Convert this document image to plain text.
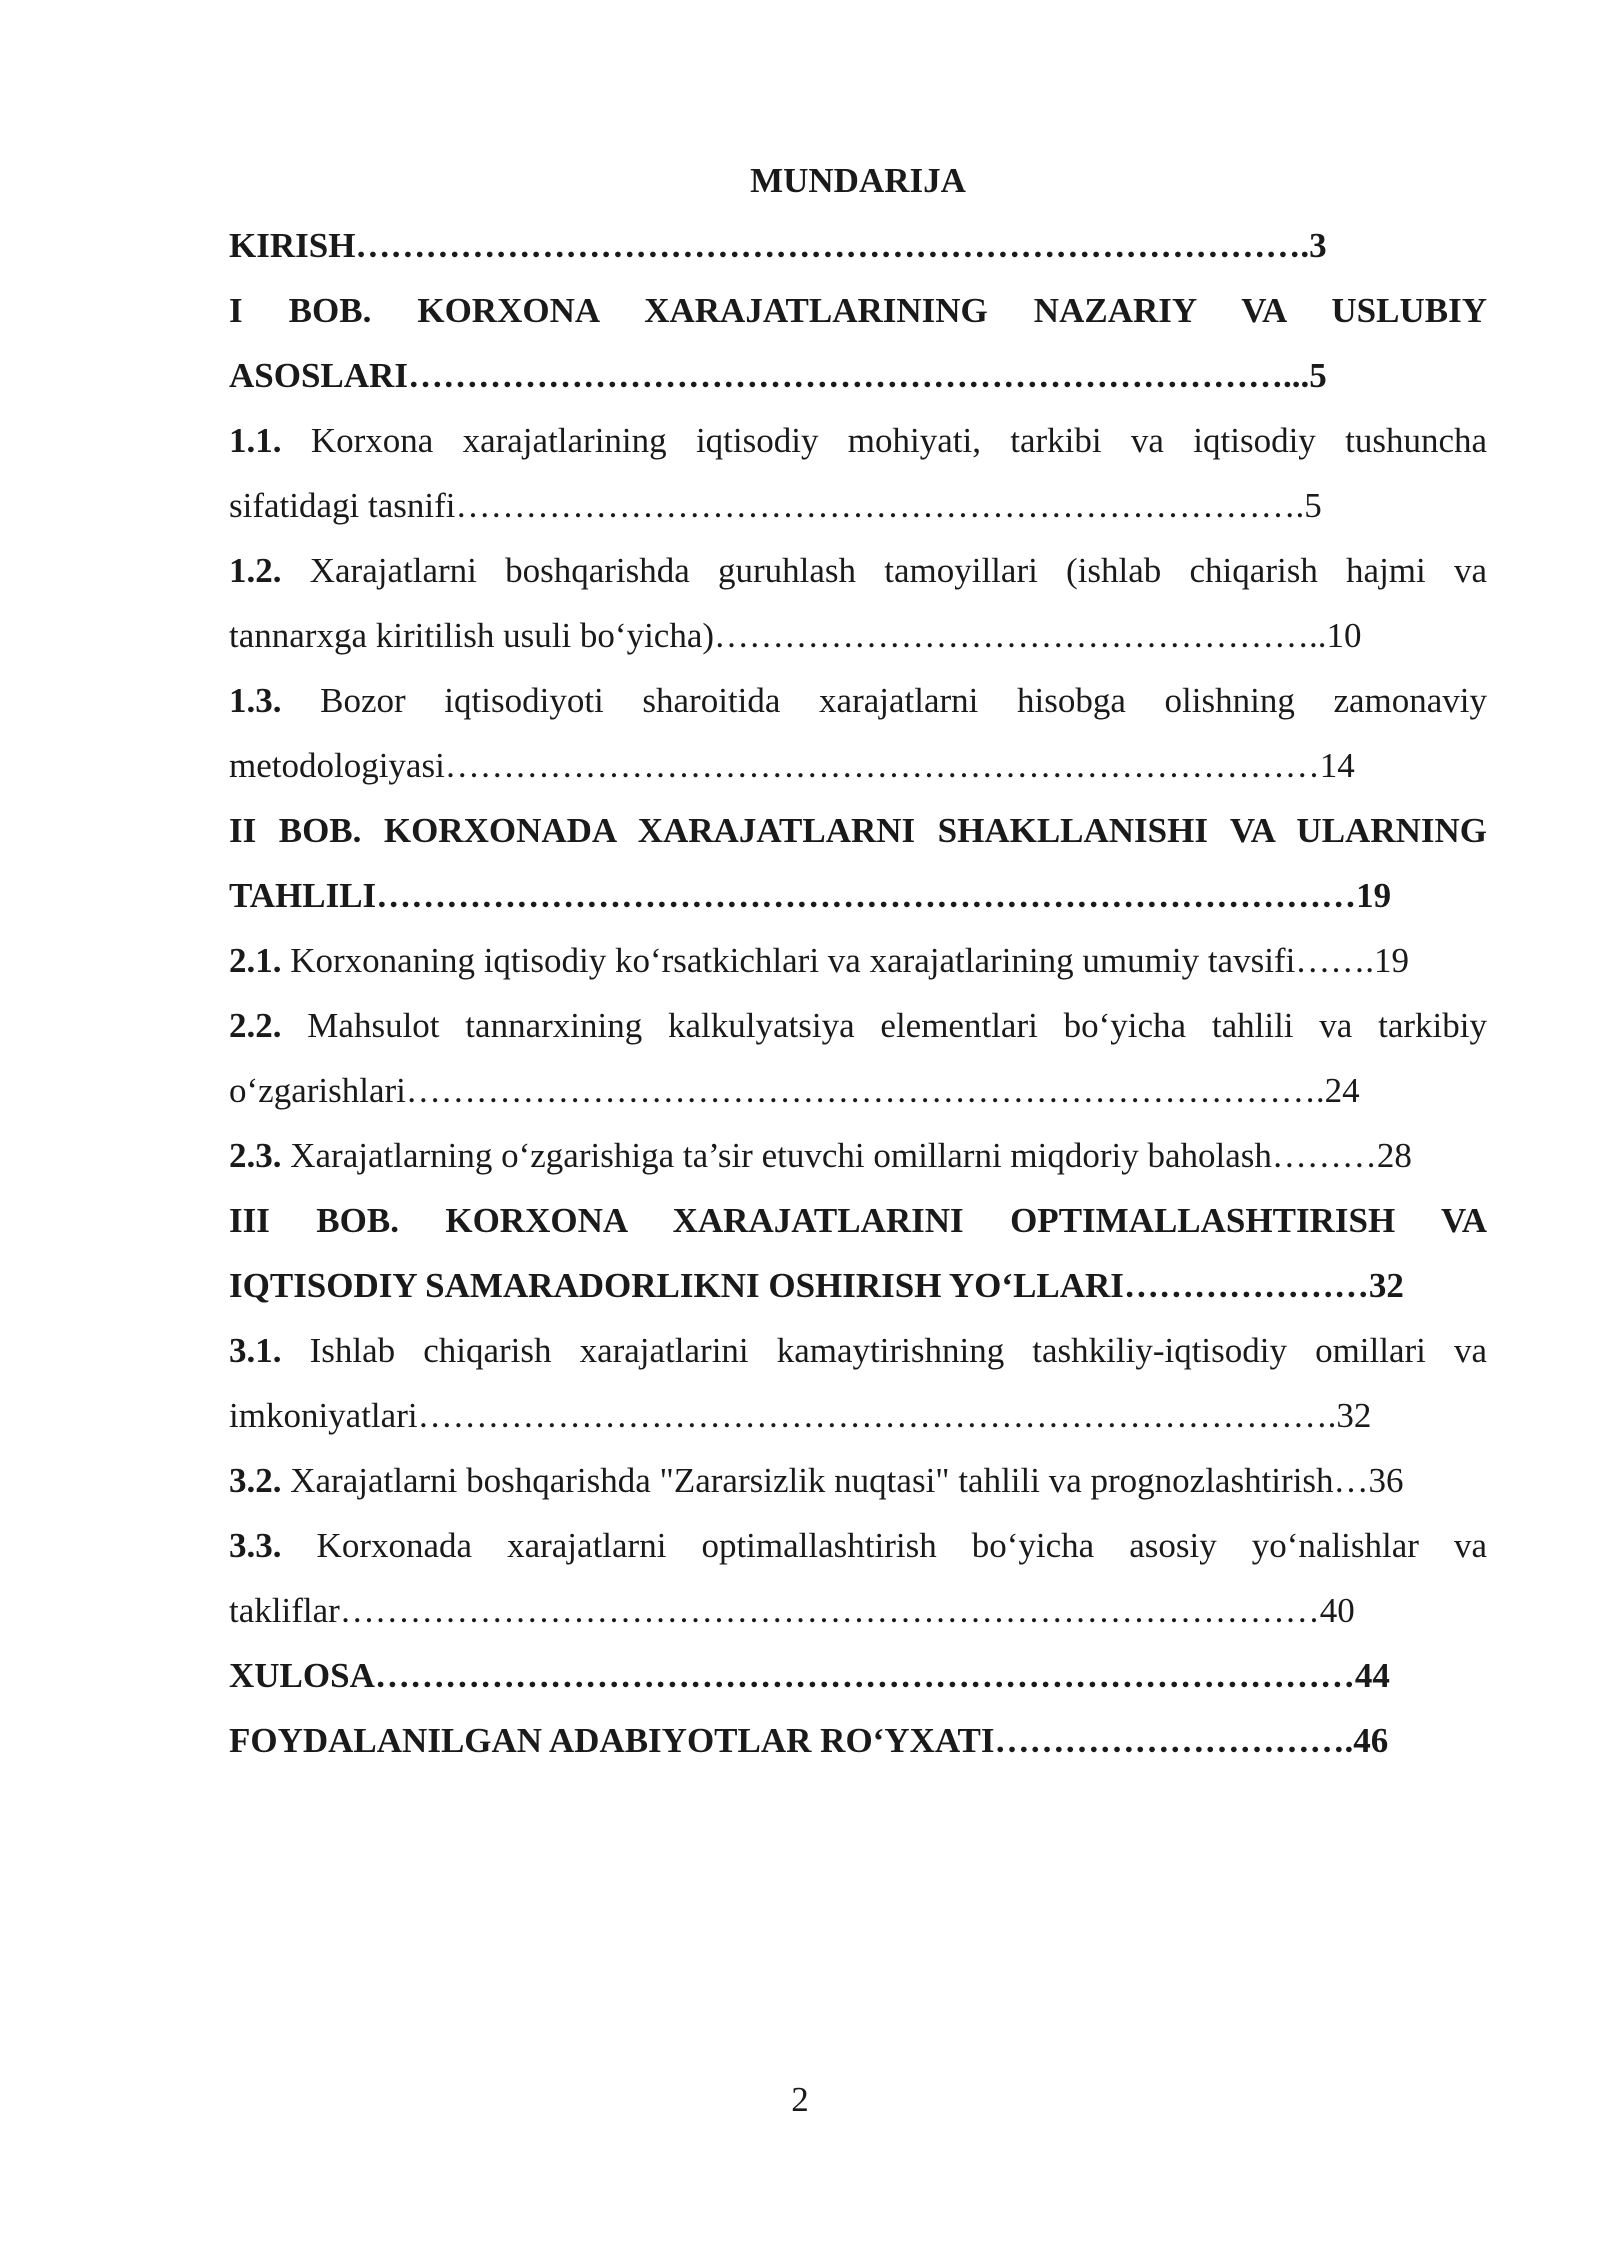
MUNDARIJA
KIRISH……………………………………………………………………….3
I BOB. KORXONA XARAJATLARINING NAZARIY VA USLUBIY
ASOSLARI…………………………………………………………………...5
1.1. Korxona xarajatlarining iqtisodiy mohiyati, tarkibi va iqtisodiy tushuncha
sifatidagi tasnifi……………………………………………………………….5
1.2. Xarajatlarni boshqarishda guruhlash tamoyillari (ishlab chiqarish hajmi va
tannarxga kiritilish usuli bo‘yicha)……………………………………………..10
1.3. Bozor iqtisodiyoti sharoitida xarajatlarni hisobga olishning zamonaviy
metodologiyasi…………………………………………………………………14
II BOB. KORXONADA XARAJATLARNI SHAKLLANISHI VA ULARNING
TAHLILI…………………………………………………………………………19
2.1. Korxonaning iqtisodiy ko‘rsatkichlari va xarajatlarining umumiy tavsifi…….19
2.2. Mahsulot tannarxining kalkulyatsiya elementlari bo‘yicha tahlili va tarkibiy
o‘zgarishlari…………………………………………………………………….24
2.3. Xarajatlarning o‘zgarishiga ta’sir etuvchi omillarni miqdoriy baholash………28
III BOB. KORXONA XARAJATLARINI OPTIMALLASHTIRISH VA
IQTISODIY SAMARADORLIKNI OSHIRISH YO‘LLARI…………………32
3.1. Ishlab chiqarish xarajatlarini kamaytirishning tashkiliy-iqtisodiy omillari va
imkoniyatlari…………………………………………………………………….32
3.2. Xarajatlarni boshqarishda "Zararsizlik nuqtasi" tahlili va prognozlashtirish…36
3.3. Korxonada xarajatlarni optimallashtirish bo‘yicha asosiy yo‘nalishlar va
takliflar…………………………………………………………………………40
XULOSA…………………………………………………………………………44
FOYDALANILGAN ADABIYOTLAR RO‘YXATI………………………….46
2
